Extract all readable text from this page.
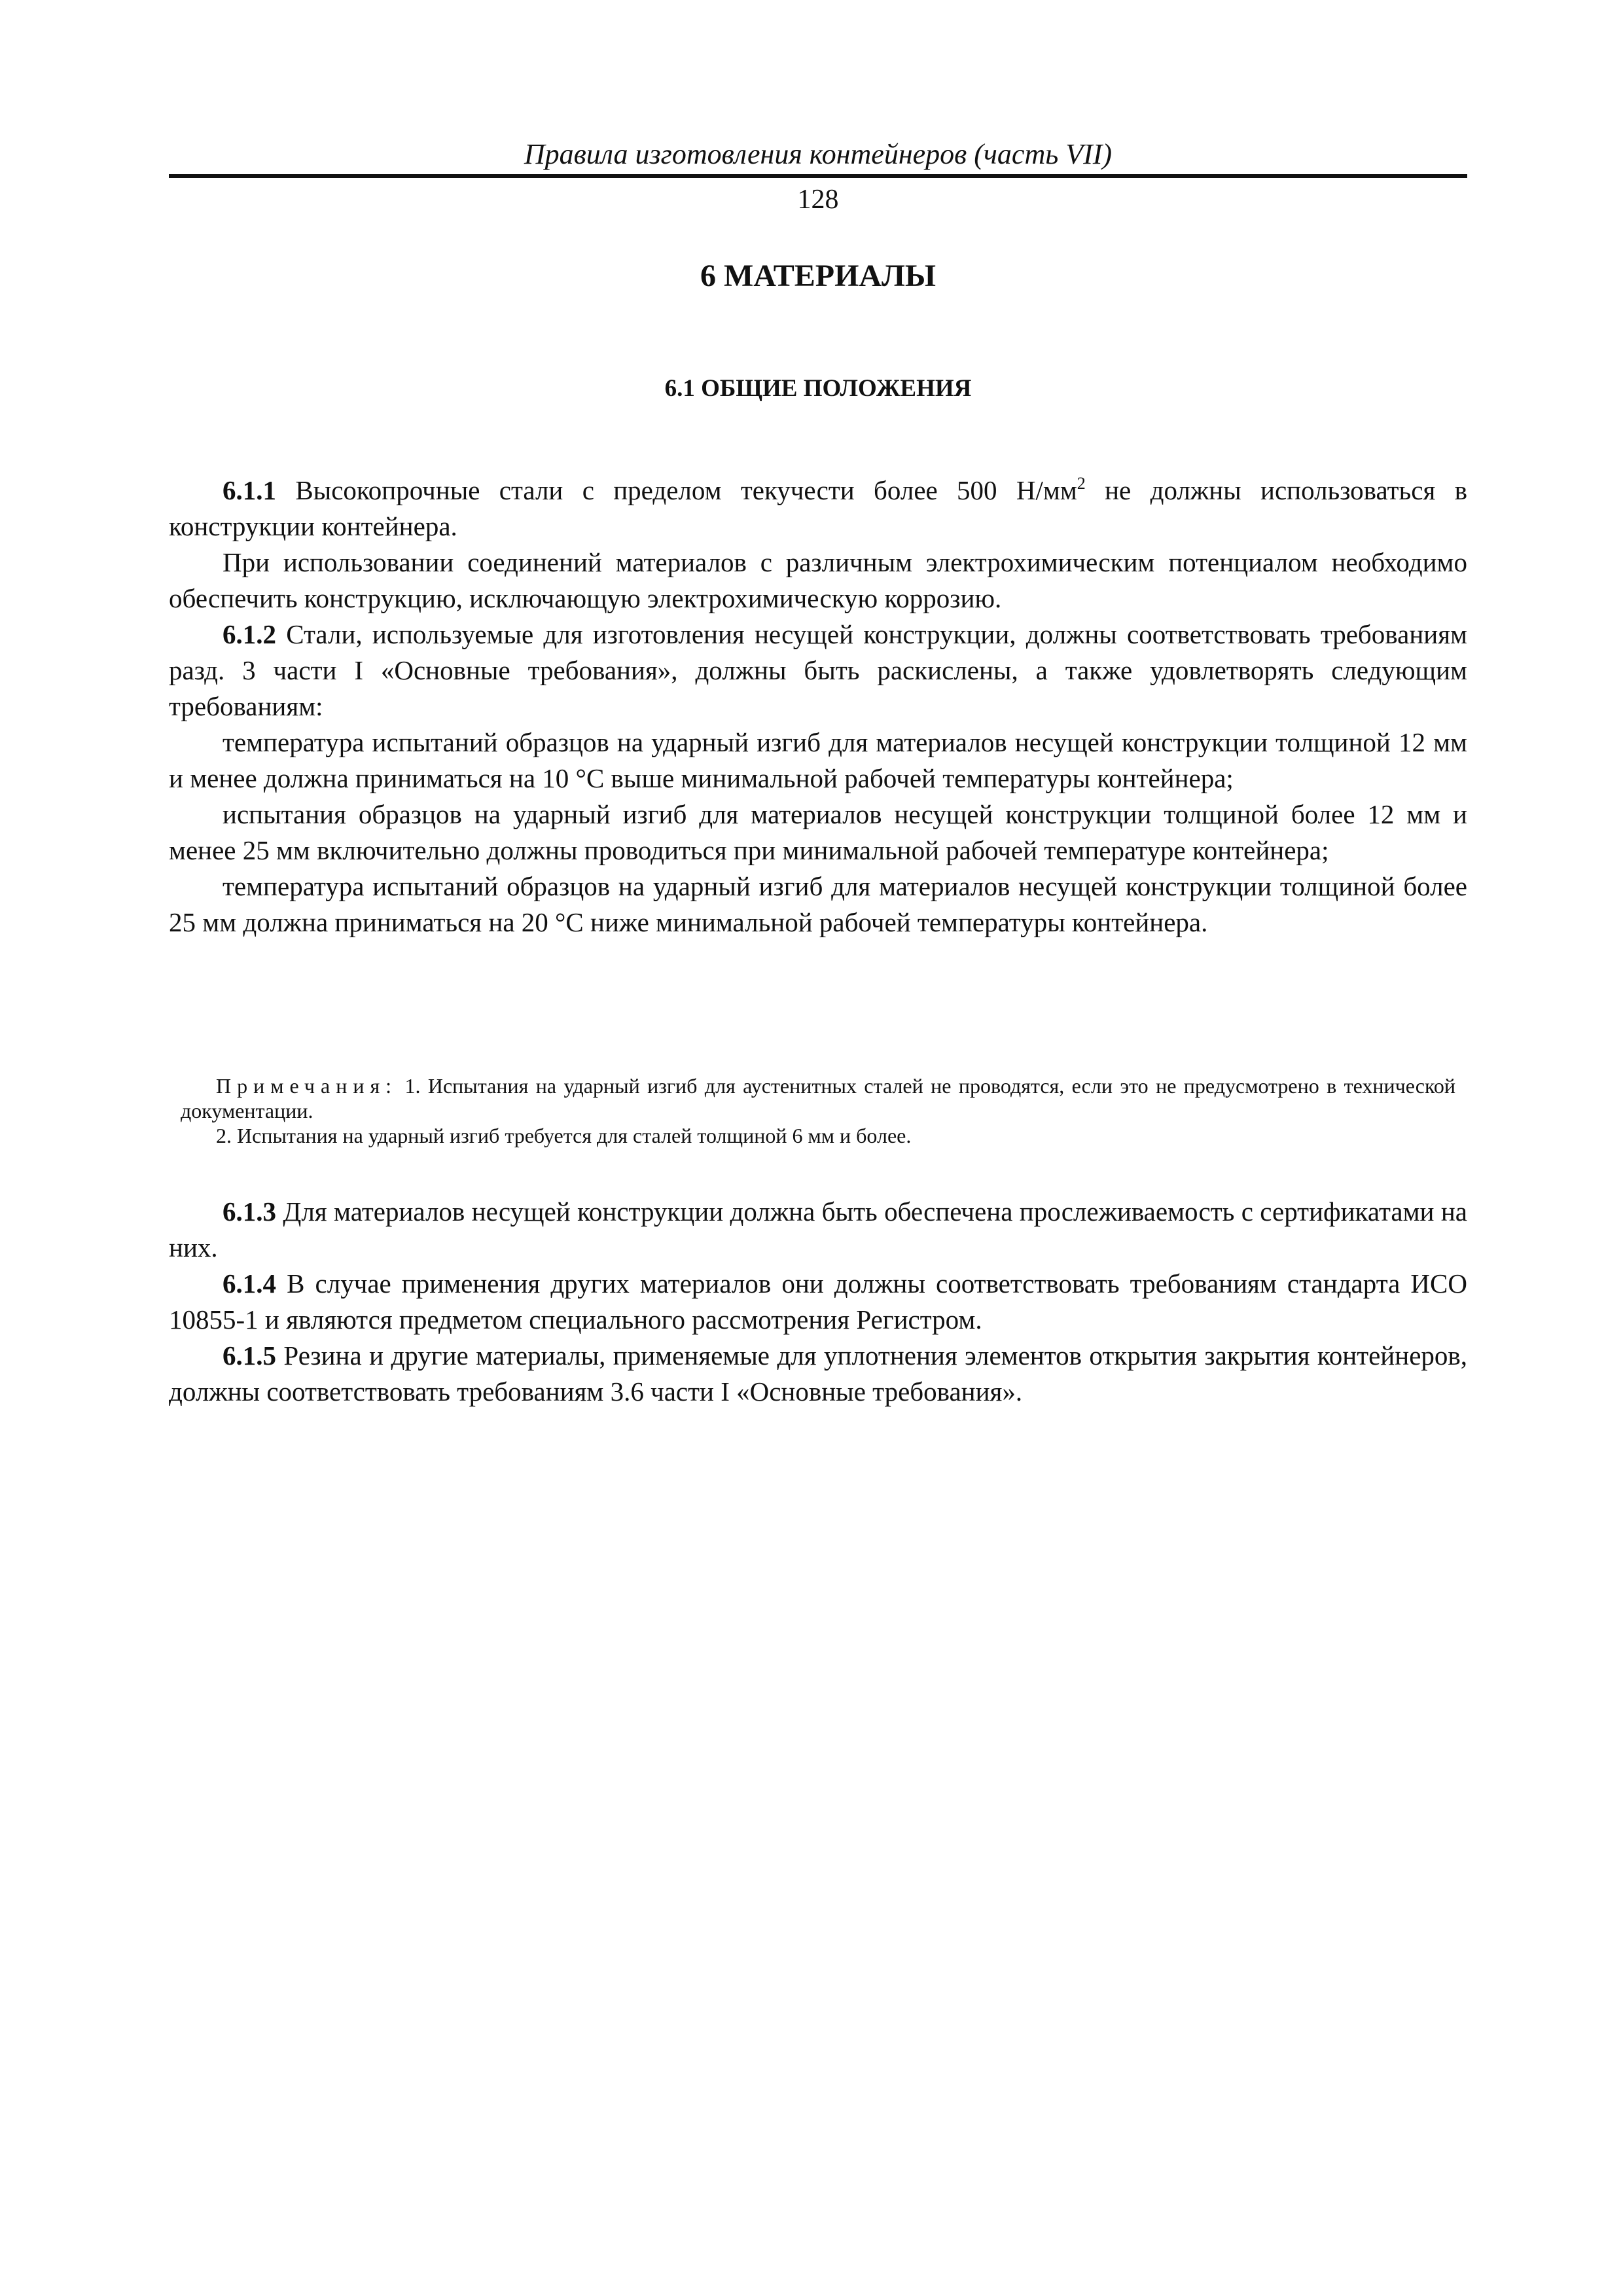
Правила изготовления контейнеров (часть VII)
128
6 МАТЕРИАЛЫ
6.1 ОБЩИЕ ПОЛОЖЕНИЯ

6.1.1 Высокопрочные стали с пределом текучести более 500 $Н/мм^2$ не должны использоваться в конструкции контейнера.

При использовании соединений материалов с различным электрохимическим потенциалом необходимо обеспечить конструкцию, исключающую электрохимическую коррозию.

6.1.2 Стали, используемые для изготовления несущей конструкции, должны соответствовать требованиям разд. 3 части I «Основные требования», должны быть раскислены, а также удовлетворять следующим требованиям:

температура испытаний образцов на ударный изгиб для материалов несущей конструкции толщиной 12 мм и менее должна приниматься на 10 °С выше минимальной рабочей температуры контейнера;

испытания образцов на ударный изгиб для материалов несущей конструкции толщиной более 12 мм и менее 25 мм включительно должны проводиться при минимальной рабочей температуре контейнера;

температура испытаний образцов на ударный изгиб для материалов несущей конструкции толщиной более 25 мм должна приниматься на 20 °С ниже минимальной рабочей температуры контейнера.

Примечания: 1. Испытания на ударный изгиб для аустенитных сталей не проводятся, если это не предусмотрено в технической документации.

2. Испытания на ударный изгиб требуется для сталей толщиной 6 мм и более.

6.1.3 Для материалов несущей конструкции должна быть обеспечена прослеживаемость с сертификатами на них.

6.1.4 В случае применения других материалов они должны соответствовать требованиям стандарта ИСО 10855-1 и являются предметом специального рассмотрения Регистром.

6.1.5 Резина и другие материалы, применяемые для уплотнения элементов открытия закрытия контейнеров, должны соответствовать требованиям 3.6 части I «Основные требования».
